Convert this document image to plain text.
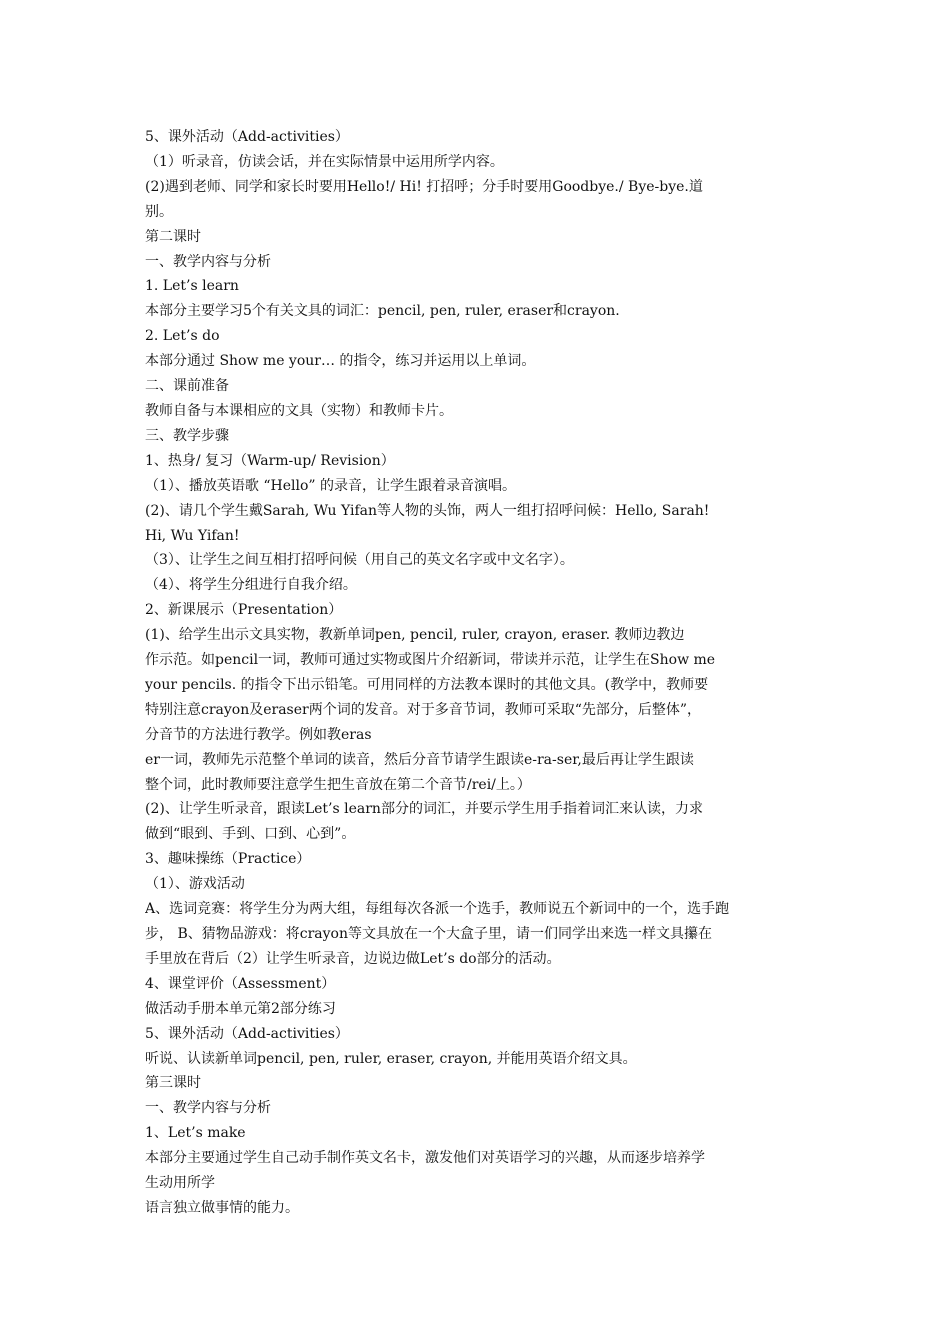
5、课外活动（Add-activities）
（1）听录音，仿读会话，并在实际情景中运用所学内容。
(2)遇到老师、同学和家长时要用Hello!/ Hi! 打招呼；分手时要用Goodbye./ Bye-bye.道
别。
第二课时
一、教学内容与分析
1. Let’s learn
本部分主要学习5个有关文具的词汇：pencil, pen, ruler, eraser和crayon.
2. Let’s do
本部分通过 Show me your… 的指令，练习并运用以上单词。
二、课前准备
教师自备与本课相应的文具（实物）和教师卡片。
三、教学步骤
1、热身/ 复习（Warm-up/ Revision）
（1）、播放英语歌 “Hello” 的录音，让学生跟着录音演唱。
(2)、请几个学生戴Sarah, Wu Yifan等人物的头饰，两人一组打招呼问候：Hello, Sarah!
Hi, Wu Yifan!
（3）、让学生之间互相打招呼问候（用自己的英文名字或中文名字）。
（4）、将学生分组进行自我介绍。
2、新课展示（Presentation）
(1)、给学生出示文具实物，教新单词pen, pencil, ruler, crayon, eraser. 教师边教边
作示范。如pencil一词，教师可通过实物或图片介绍新词，带读并示范，让学生在Show me
your pencils. 的指令下出示铅笔。可用同样的方法教本课时的其他文具。(教学中，教师要
特别注意crayon及eraser两个词的发音。对于多音节词，教师可采取“先部分，后整体”，
分音节的方法进行教学。例如教eras
er一词，教师先示范整个单词的读音，然后分音节请学生跟读e-ra-ser,最后再让学生跟读
整个词，此时教师要注意学生把生音放在第二个音节/rei/上。）
(2)、让学生听录音，跟读Let’s learn部分的词汇，并要示学生用手指着词汇来认读，力求
做到“眼到、手到、口到、心到”。
3、趣味操练（Practice）
（1）、游戏活动
A、选词竞赛：将学生分为两大组，每组每次各派一个选手，教师说五个新词中的一个，选手跑
步， B、猜物品游戏：将crayon等文具放在一个大盒子里，请一们同学出来选一样文具攥在
手里放在背后（2）让学生听录音，边说边做Let’s do部分的活动。
4、课堂评价（Assessment）
做活动手册本单元第2部分练习
5、课外活动（Add-activities）
听说、认读新单词pencil, pen, ruler, eraser, crayon, 并能用英语介绍文具。
第三课时
一、教学内容与分析
1、Let’s make
本部分主要通过学生自己动手制作英文名卡，激发他们对英语学习的兴趣，从而逐步培养学
生动用所学
语言独立做事情的能力。
